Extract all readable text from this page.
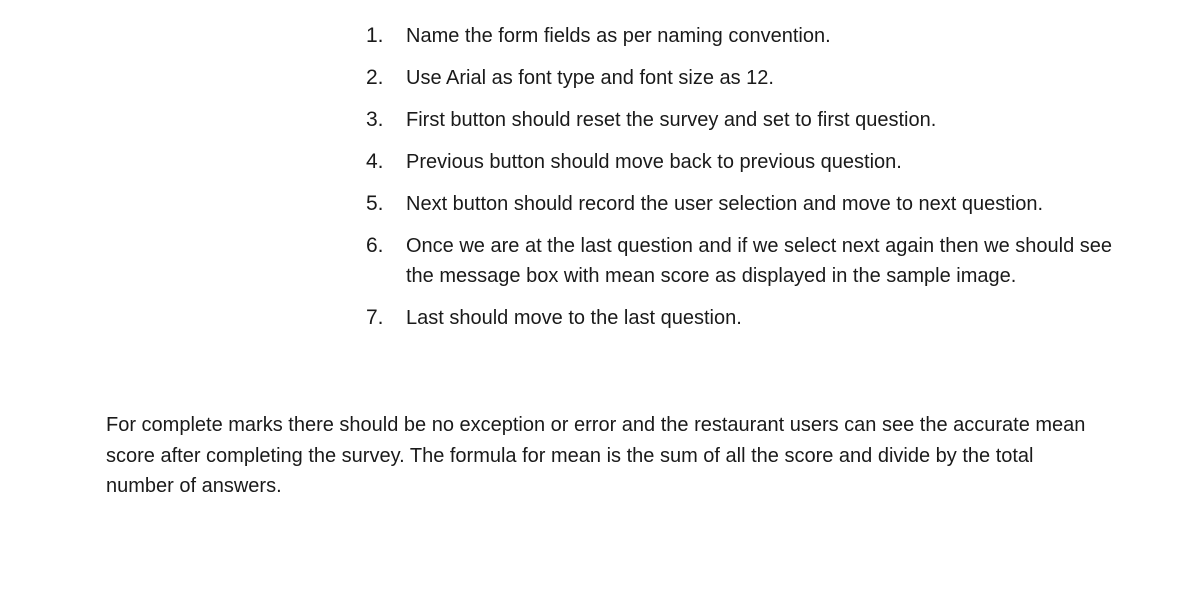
1.	Name the form fields as per naming convention.
2.	Use Arial as font type and font size as 12.
3.	First button should reset the survey and set to first question.
4.	Previous button should move back to previous question.
5.	Next button should record the user selection and move to next question.
6.	Once we are at the last question and if we select next again then we should see the message box with mean score as displayed in the sample image.
7.	Last should move to the last question.

For complete marks there should be no exception or error and the restaurant users can see the accurate mean score after completing the survey. The formula for mean is the sum of all the score and divide by the total number of answers.
